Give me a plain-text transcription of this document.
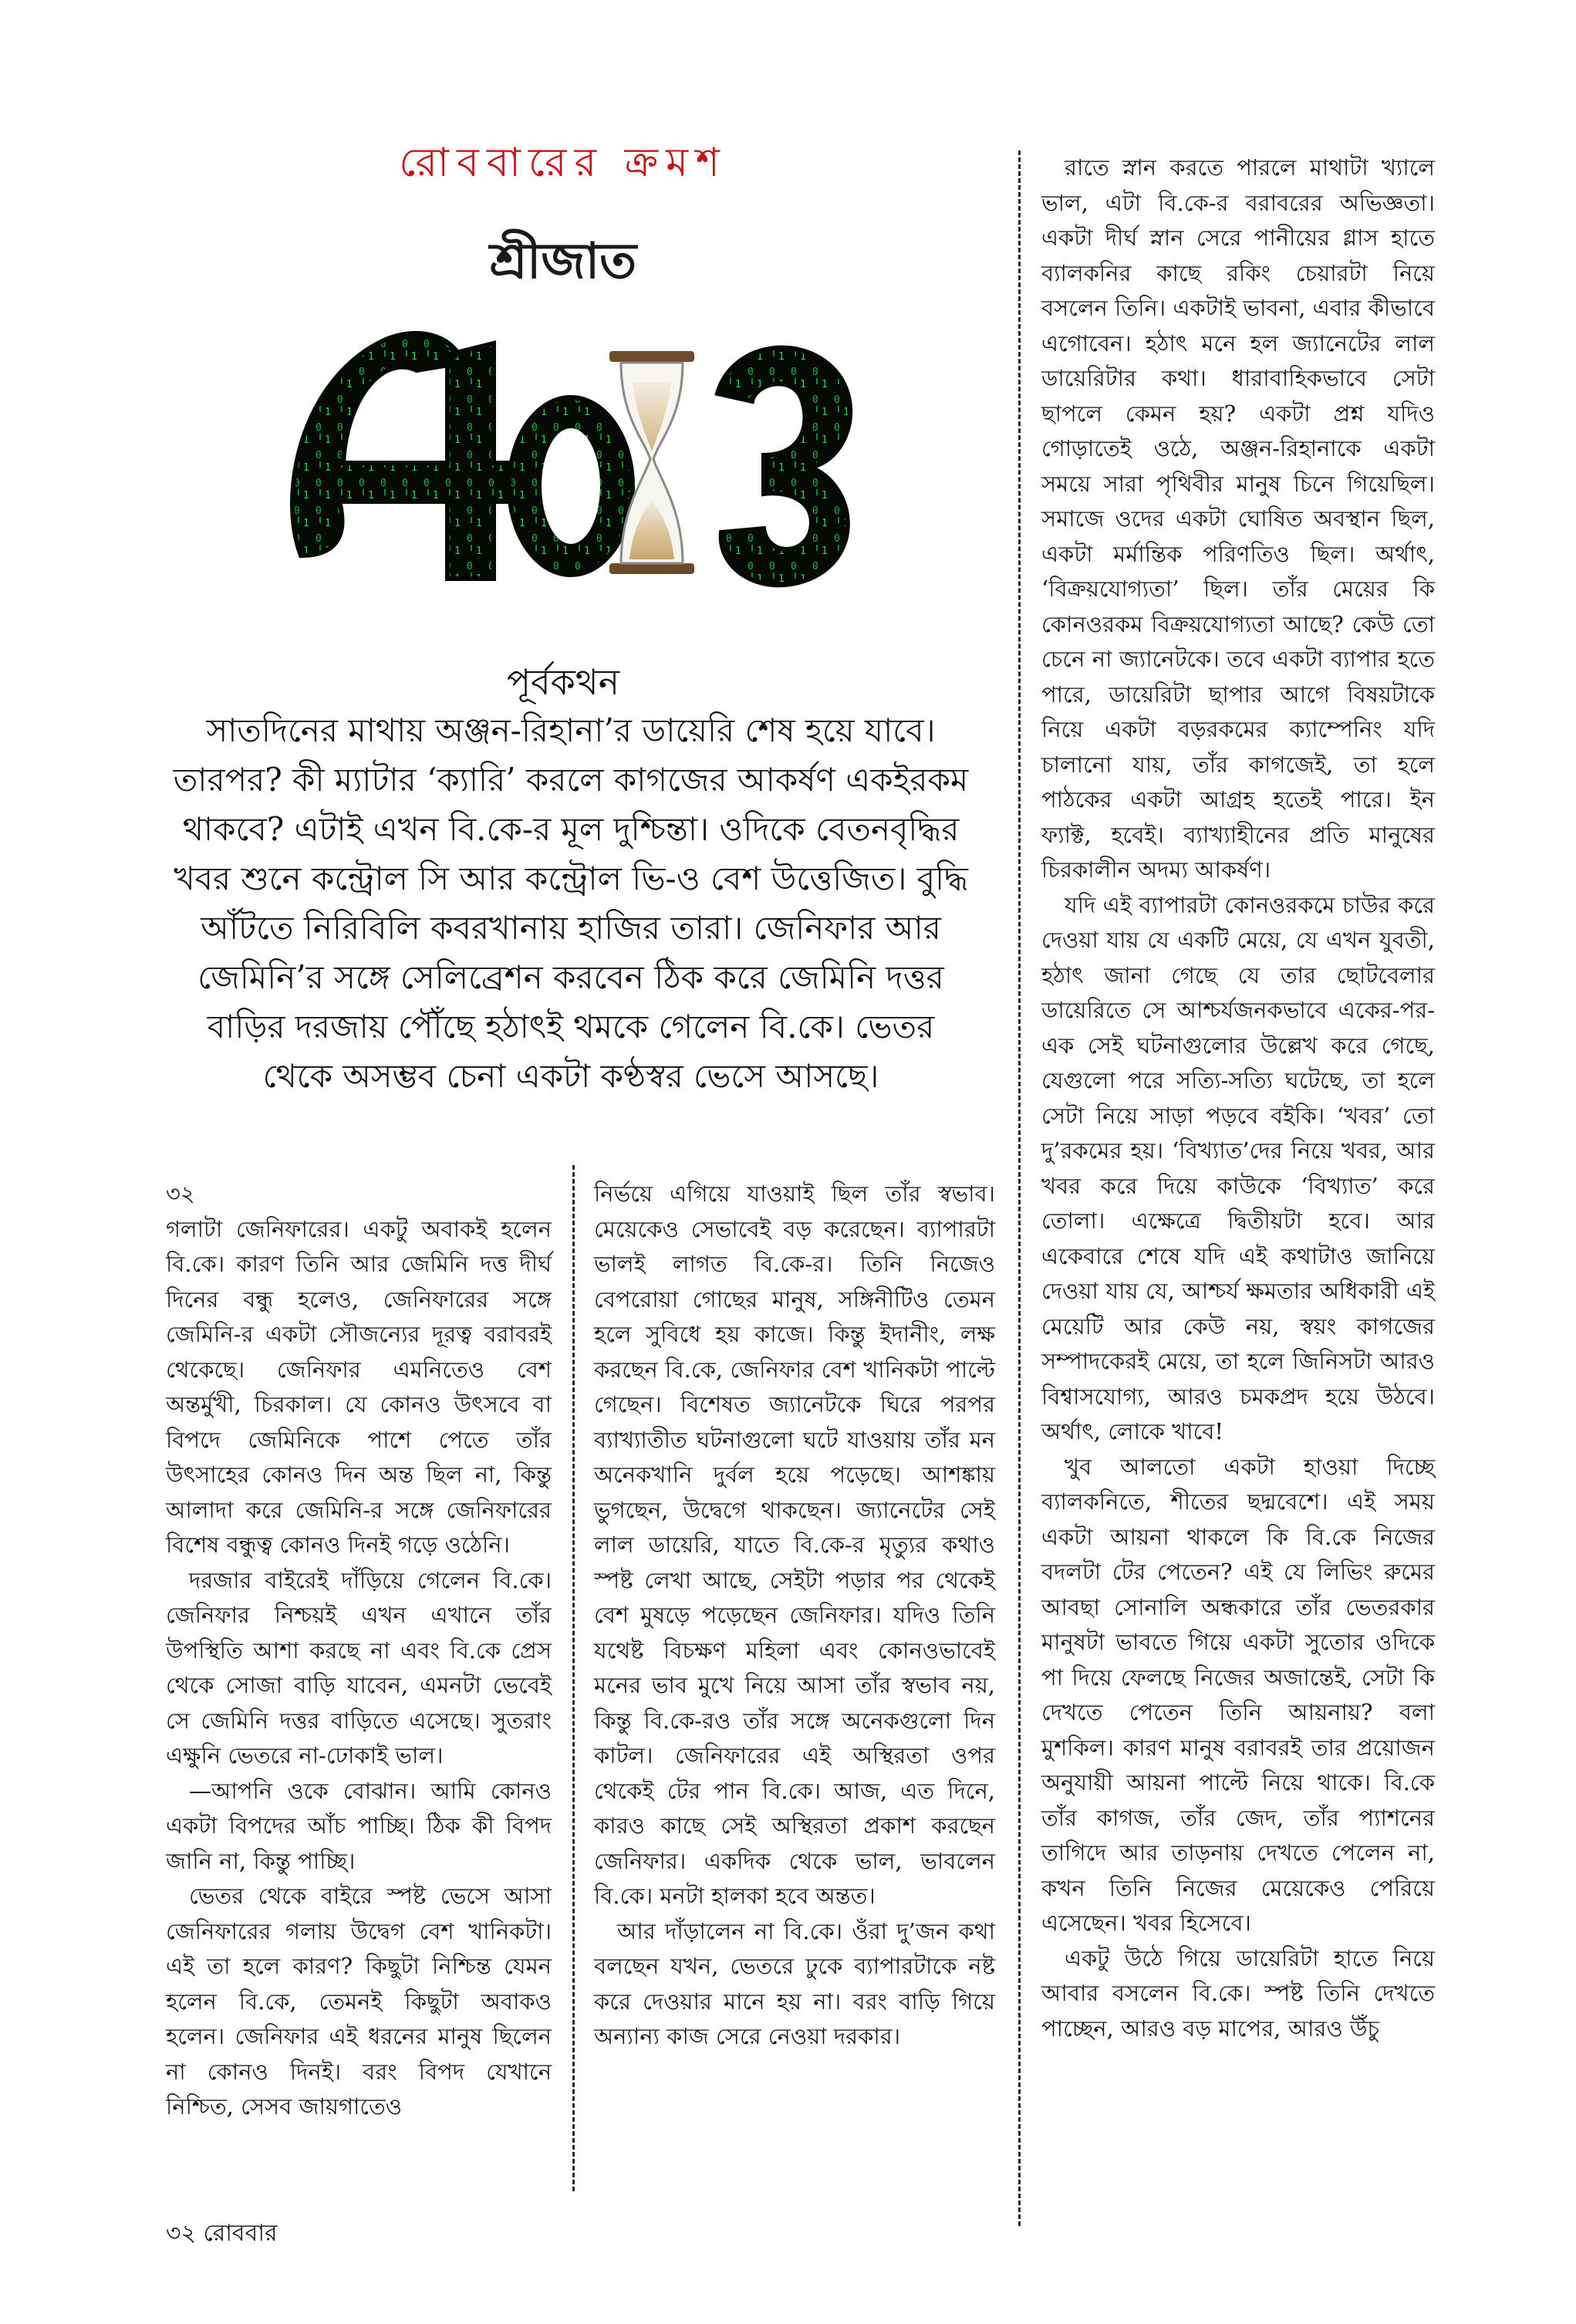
রোববারের ক্রমশ
শ্রীজাত
পূর্বকথন
সাতদিনের মাথায় অঞ্জন-রিহানা’র ডায়েরি শেষ হয়ে যাবে। তারপর? কী ম্যাটার ‘ক্যারি’ করলে কাগজের আকর্ষণ একইরকম থাকবে? এটাই এখন বি.কে-র মূল দুশ্চিন্তা। ওদিকে বেতনবৃদ্ধির খবর শুনে কন্ট্রোল সি আর কন্ট্রোল ভি-ও বেশ উত্তেজিত। বুদ্ধি আঁটতে নিরিবিলি কবরখানায় হাজির তারা। জেনিফার আর জেমিনি’র সঙ্গে সেলিব্রেশন করবেন ঠিক করে জেমিনি দত্তর বাড়ির দরজায় পৌঁছে হঠাৎই থমকে গেলেন বি.কে। ভেতর থেকে অসম্ভব চেনা একটা কণ্ঠস্বর ভেসে আসছে।

৩২

গলাটা জেনিফারের। একটু অবাকই হলেন বি.কে। কারণ তিনি আর জেমিনি দত্ত দীর্ঘ দিনের বন্ধু হলেও, জেনিফারের সঙ্গে জেমিনি-র একটা সৌজন্যের দূরত্ব বরাবরই থেকেছে। জেনিফার এমনিতেও বেশ অন্তর্মুখী, চিরকাল। যে কোনও উৎসবে বা বিপদে জেমিনিকে পাশে পেতে তাঁর উৎসাহের কোনও দিন অন্ত ছিল না, কিন্তু আলাদা করে জেমিনি-র সঙ্গে জেনিফারের বিশেষ বন্ধুত্ব কোনও দিনই গড়ে ওঠেনি।

দরজার বাইরেই দাঁড়িয়ে গেলেন বি.কে। জেনিফার নিশ্চয়ই এখন এখানে তাঁর উপস্থিতি আশা করছে না এবং বি.কে প্রেস থেকে সোজা বাড়ি যাবেন, এমনটা ভেবেই সে জেমিনি দত্তর বাড়িতে এসেছে। সুতরাং এক্ষুনি ভেতরে না-ঢোকাই ভাল।

—আপনি ওকে বোঝান। আমি কোনও একটা বিপদের আঁচ পাচ্ছি। ঠিক কী বিপদ জানি না, কিন্তু পাচ্ছি।

ভেতর থেকে বাইরে স্পষ্ট ভেসে আসা জেনিফারের গলায় উদ্বেগ বেশ খানিকটা। এই তা হলে কারণ? কিছুটা নিশ্চিন্ত যেমন হলেন বি.কে, তেমনই কিছুটা অবাকও হলেন। জেনিফার এই ধরনের মানুষ ছিলেন না কোনও দিনই। বরং বিপদ যেখানে নিশ্চিত, সেসব জায়গাতেও

নির্ভয়ে এগিয়ে যাওয়াই ছিল তাঁর স্বভাব। মেয়েকেও সেভাবেই বড় করেছেন। ব্যাপারটা ভালই লাগত বি.কে-র। তিনি নিজেও বেপরোয়া গোছের মানুষ, সঙ্গিনীটিও তেমন হলে সুবিধে হয় কাজে। কিন্তু ইদানীং, লক্ষ করছেন বি.কে, জেনিফার বেশ খানিকটা পাল্টে গেছেন। বিশেষত জ্যানেটকে ঘিরে পরপর ব্যাখ্যাতীত ঘটনাগুলো ঘটে যাওয়ায় তাঁর মন অনেকখানি দুর্বল হয়ে পড়েছে। আশঙ্কায় ভুগছেন, উদ্বেগে থাকছেন। জ্যানেটের সেই লাল ডায়েরি, যাতে বি.কে-র মৃত্যুর কথাও স্পষ্ট লেখা আছে, সেইটা পড়ার পর থেকেই বেশ মুষড়ে পড়েছেন জেনিফার। যদিও তিনি যথেষ্ট বিচক্ষণ মহিলা এবং কোনওভাবেই মনের ভাব মুখে নিয়ে আসা তাঁর স্বভাব নয়, কিন্তু বি.কে-রও তাঁর সঙ্গে অনেকগুলো দিন কাটল। জেনিফারের এই অস্থিরতা ওপর থেকেই টের পান বি.কে। আজ, এত দিনে, কারও কাছে সেই অস্থিরতা প্রকাশ করছেন জেনিফার। একদিক থেকে ভাল, ভাবলেন বি.কে। মনটা হালকা হবে অন্তত।

আর দাঁড়ালেন না বি.কে। ওঁরা দু’জন কথা বলছেন যখন, ভেতরে ঢুকে ব্যাপারটাকে নষ্ট করে দেওয়ার মানে হয় না। বরং বাড়ি গিয়ে অন্যান্য কাজ সেরে নেওয়া দরকার।

রাতে স্নান করতে পারলে মাথাটা খ্যালে ভাল, এটা বি.কে-র বরাবরের অভিজ্ঞতা। একটা দীর্ঘ স্নান সেরে পানীয়ের গ্লাস হাতে ব্যালকনির কাছে রকিং চেয়ারটা নিয়ে বসলেন তিনি। একটাই ভাবনা, এবার কীভাবে এগোবেন। হঠাৎ মনে হল জ্যানেটের লাল ডায়েরিটার কথা। ধারাবাহিকভাবে সেটা ছাপলে কেমন হয়? একটা প্রশ্ন যদিও গোড়াতেই ওঠে, অঞ্জন-রিহানাকে একটা সময়ে সারা পৃথিবীর মানুষ চিনে গিয়েছিল। সমাজে ওদের একটা ঘোষিত অবস্থান ছিল, একটা মর্মান্তিক পরিণতিও ছিল। অর্থাৎ, ‘বিক্রয়যোগ্যতা’ ছিল। তাঁর মেয়ের কি কোনওরকম বিক্রয়যোগ্যতা আছে? কেউ তো চেনে না জ্যানেটকে। তবে একটা ব্যাপার হতে পারে, ডায়েরিটা ছাপার আগে বিষয়টাকে নিয়ে একটা বড়রকমের ক্যাম্পেনিং যদি চালানো যায়, তাঁর কাগজেই, তা হলে পাঠকের একটা আগ্রহ হতেই পারে। ইন ফ্যাক্ট, হবেই। ব্যাখ্যাহীনের প্রতি মানুষের চিরকালীন অদম্য আকর্ষণ।

যদি এই ব্যাপারটা কোনওরকমে চাউর করে দেওয়া যায় যে একটি মেয়ে, যে এখন যুবতী, হঠাৎ জানা গেছে যে তার ছোটবেলার ডায়েরিতে সে আশ্চর্যজনকভাবে একের-পর-এক সেই ঘটনাগুলোর উল্লেখ করে গেছে, যেগুলো পরে সত্যি-সত্যি ঘটেছে, তা হলে সেটা নিয়ে সাড়া পড়বে বইকি। ‘খবর’ তো দু’রকমের হয়। ‘বিখ্যাত’দের নিয়ে খবর, আর খবর করে দিয়ে কাউকে ‘বিখ্যাত’ করে তোলা। এক্ষেত্রে দ্বিতীয়টা হবে। আর একেবারে শেষে যদি এই কথাটাও জানিয়ে দেওয়া যায় যে, আশ্চর্য ক্ষমতার অধিকারী এই মেয়েটি আর কেউ নয়, স্বয়ং কাগজের সম্পাদকেরই মেয়ে, তা হলে জিনিসটা আরও বিশ্বাসযোগ্য, আরও চমকপ্রদ হয়ে উঠবে। অর্থাৎ, লোকে খাবে!

খুব আলতো একটা হাওয়া দিচ্ছে ব্যালকনিতে, শীতের ছদ্মবেশে। এই সময় একটা আয়না থাকলে কি বি.কে নিজের বদলটা টের পেতেন? এই যে লিভিং রুমের আবছা সোনালি অন্ধকারে তাঁর ভেতরকার মানুষটা ভাবতে গিয়ে একটা সুতোর ওদিকে পা দিয়ে ফেলছে নিজের অজান্তেই, সেটা কি দেখতে পেতেন তিনি আয়নায়? বলা মুশকিল। কারণ মানুষ বরাবরই তার প্রয়োজন অনুযায়ী আয়না পাল্টে নিয়ে থাকে। বি.কে তাঁর কাগজ, তাঁর জেদ, তাঁর প্যাশনের তাগিদে আর তাড়নায় দেখতে পেলেন না, কখন তিনি নিজের মেয়েকেও পেরিয়ে এসেছেন। খবর হিসেবে।

একটু উঠে গিয়ে ডায়েরিটা হাতে নিয়ে আবার বসলেন বি.কে। স্পষ্ট তিনি দেখতে পাচ্ছেন, আরও বড় মাপের, আরও উঁচু

৩২ রোববার
